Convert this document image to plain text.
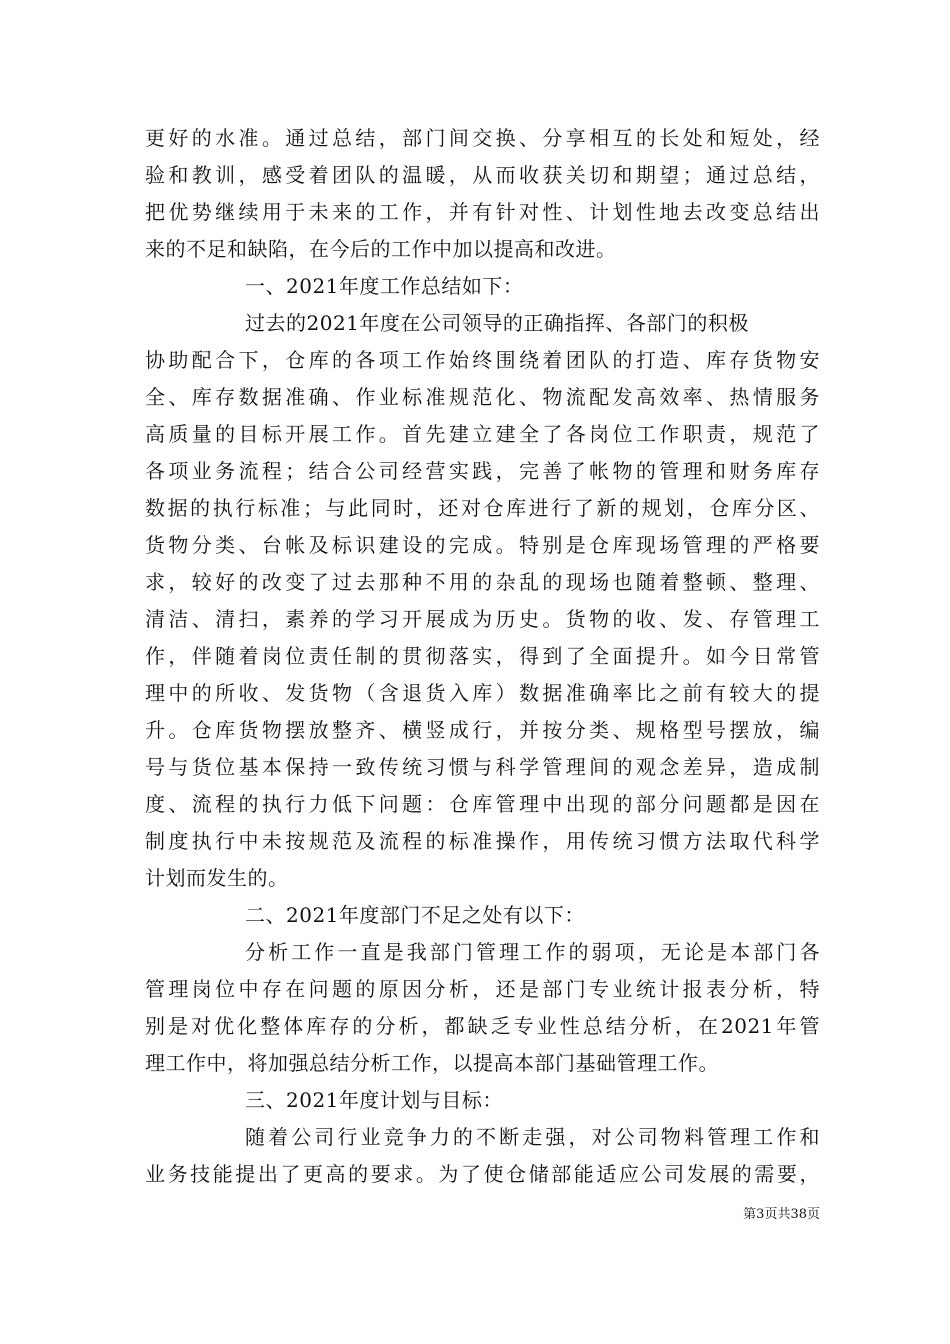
更好的水准。通过总结，部门间交换、分享相互的长处和短处，经
验和教训，感受着团队的温暖，从而收获关切和期望；通过总结，
把优势继续用于未来的工作，并有针对性、计划性地去改变总结出
来的不足和缺陷，在今后的工作中加以提高和改进。
一、2021年度工作总结如下：
过去的2021年度在公司领导的正确指挥、各部门的积极
协助配合下，仓库的各项工作始终围绕着团队的打造、库存货物安
全、库存数据准确、作业标准规范化、物流配发高效率、热情服务
高质量的目标开展工作。首先建立建全了各岗位工作职责，规范了
各项业务流程；结合公司经营实践，完善了帐物的管理和财务库存
数据的执行标准；与此同时，还对仓库进行了新的规划，仓库分区、
货物分类、台帐及标识建设的完成。特别是仓库现场管理的严格要
求，较好的改变了过去那种不用的杂乱的现场也随着整顿、整理、
清洁、清扫，素养的学习开展成为历史。货物的收、发、存管理工
作，伴随着岗位责任制的贯彻落实，得到了全面提升。如今日常管
理中的所收、发货物（含退货入库）数据准确率比之前有较大的提
升。仓库货物摆放整齐、横竖成行，并按分类、规格型号摆放，编
号与货位基本保持一致传统习惯与科学管理间的观念差异，造成制
度、流程的执行力低下问题：仓库管理中出现的部分问题都是因在
制度执行中未按规范及流程的标准操作，用传统习惯方法取代科学
计划而发生的。
二、2021年度部门不足之处有以下：
分析工作一直是我部门管理工作的弱项，无论是本部门各
管理岗位中存在问题的原因分析，还是部门专业统计报表分析，特
别是对优化整体库存的分析，都缺乏专业性总结分析，在2021年管
理工作中，将加强总结分析工作，以提高本部门基础管理工作。
三、2021年度计划与目标：
随着公司行业竞争力的不断走强，对公司物料管理工作和
业务技能提出了更高的要求。为了使仓储部能适应公司发展的需要，
第3页共38页
